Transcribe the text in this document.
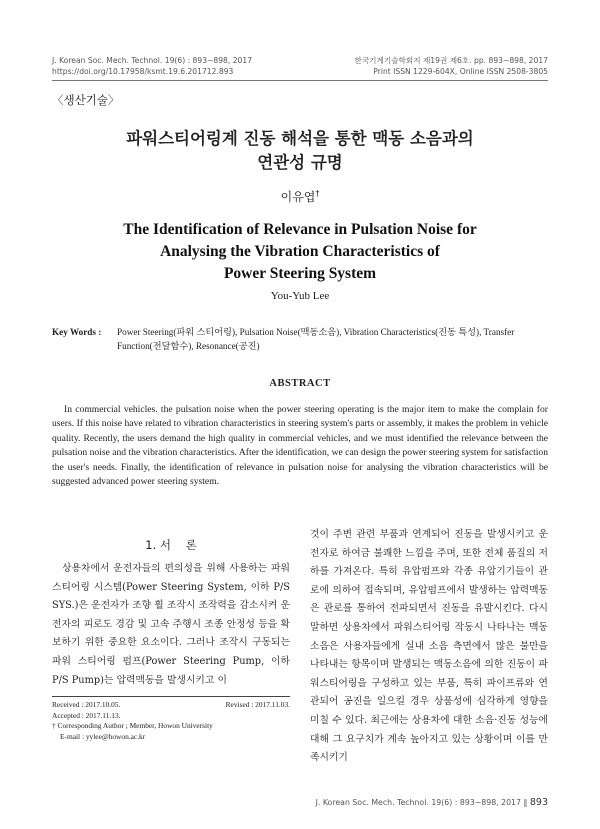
J. Korean Soc. Mech. Technol. 19(6) : 893~898, 2017
https://doi.org/10.17958/ksmt.19.6.201712.893
한국기계기술학회지 제19권 제6호. pp. 893~898, 2017
Print ISSN 1229-604X, Online ISSN 2508-3805
〈생산기술〉
파워스티어링계 진동 해석을 통한 맥동 소음과의
연관성 규명
이유엽†
The Identification of Relevance in Pulsation Noise for
Analysing the Vibration Characteristics of
Power Steering System
You-Yub Lee
Key Words : Power Steering(파워 스티어링), Pulsation Noise(맥동소음), Vibration Characteristics(진동 특성), Transfer Function(전달함수), Resonance(공진)
ABSTRACT
In commercial vehicles. the pulsation noise when the power steering operating is the major item to make the complain for users. If this noise have related to vibration characteristics in steering system's parts or assembly, it makes the problem in vehicle quality. Recently, the users demand the high quality in commercial vehicles, and we must identified the relevance between the pulsation noise and the vibration characteristics. After the identification, we can design the power steering system for satisfaction the user's needs. Finally, the identification of relevance in pulsation noise for analysing the vibration characteristics will be suggested advanced power steering system.
1. 서    론
상용차에서 운전자들의 편의성을 위해 사용하는 파워 스티어링 시스템(Power Steering System, 이하 P/S SYS.)은 운전자가 조향 휠 조작시 조작력을 감소시켜 운전자의 피로도 경감 및 고속 주행시 조종 안정성 등을 확보하기 위한 중요한 요소이다. 그러나 조작시 구동되는 파워 스티어링 펌프(Power Steering Pump, 이하 P/S Pump)는 압력맥동을 발생시키고 이
것이 주변 관련 부품과 연계되어 진동을 발생시키고 운전자로 하여금 불쾌한 느낌을 주며, 또한 전체 품질의 저하를 가져온다. 특히 유압펌프와 각종 유압기기들이 관로에 의하여 접속되며, 유압펌프에서 발생하는 압력맥동은 관로를 통하여 전파되면서 진동을 유발시킨다. 다시 말하면 상용차에서 파워스티어링 작동시 나타나는 맥동 소음은 사용자들에게 실내 소음 측면에서 많은 불만을 나타내는 항목이며 발생되는 맥동소음에 의한 진동이 파워스티어링을 구성하고 있는 부품, 특히 파이프류와 연관되어 공진을 일으킬 경우 상품성에 심각하게 영향을 미칠 수 있다. 최근에는 상용차에 대한 소음·진동 성능에 대해 그 요구치가 계속 높아지고 있는 상황이며 이를 만족시키기
Received : 2017.10.05.	Revised : 2017.11.03.
Accepted : 2017.11.13.
† Corresponding Author ; Member, Howon University
E-mail : yylee@howon.ac.kr
J. Korean Soc. Mech. Technol. 19(6) : 893~898, 2017 ‖ 893
